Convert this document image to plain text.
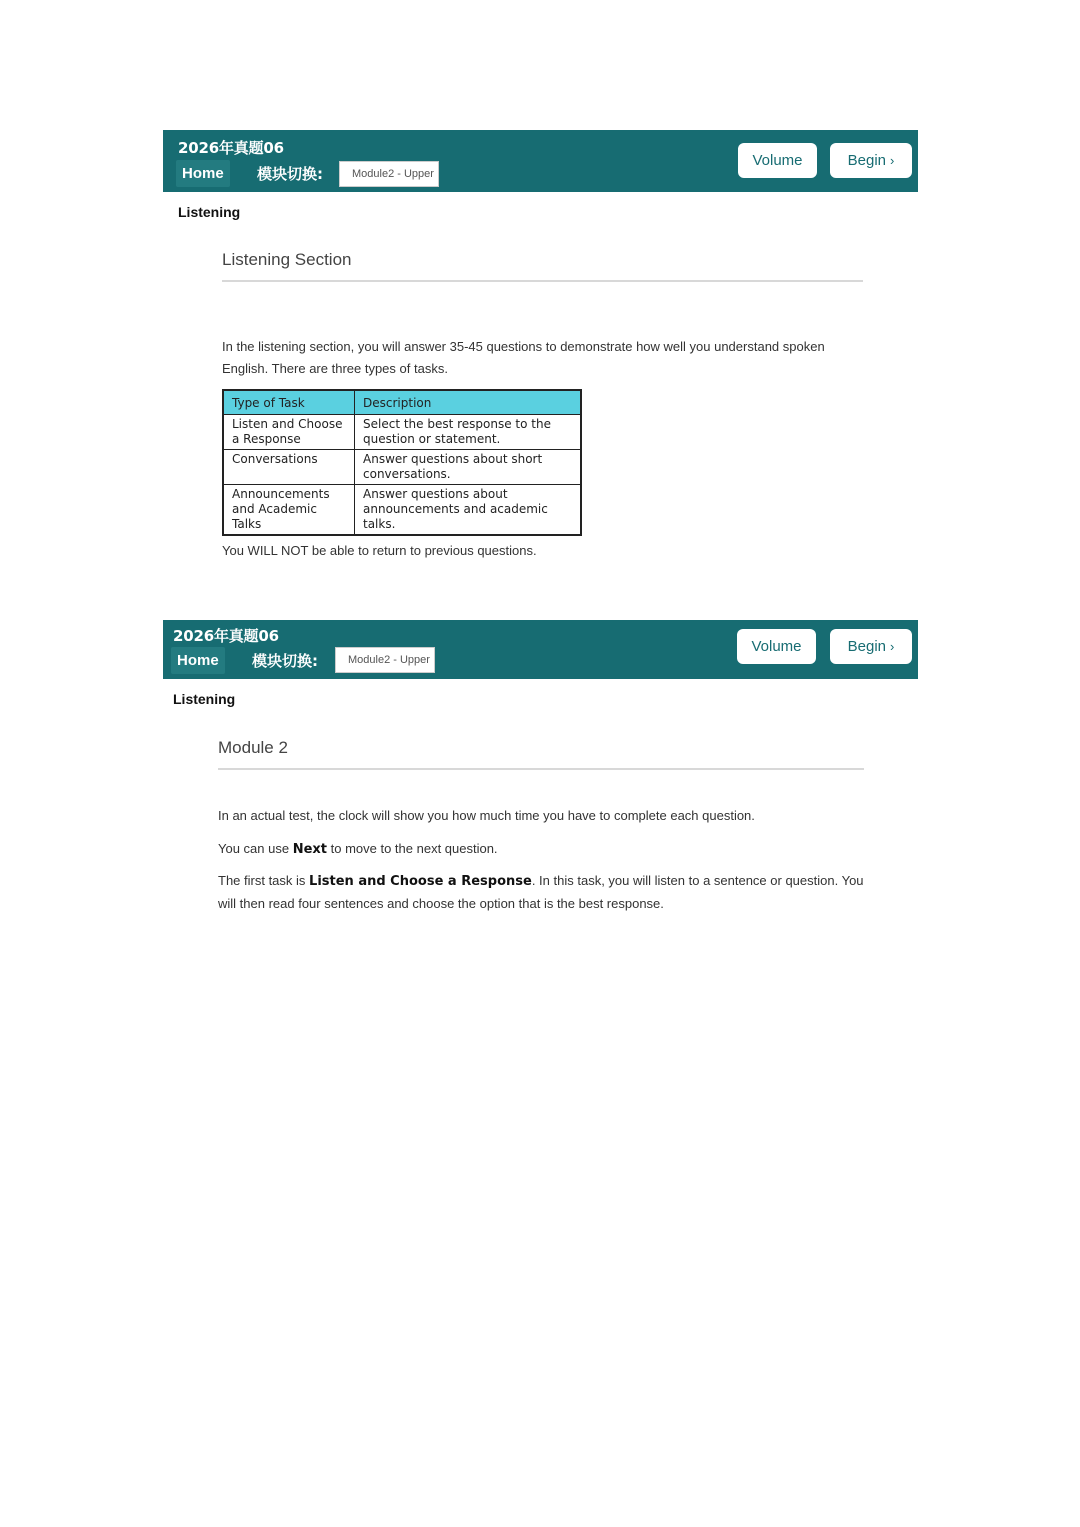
2026年真题06
Home	模块切换:	Module2 - Upper
Volume	Begin ›
Listening
Listening Section
In the listening section, you will answer 35-45 questions to demonstrate how well you understand spoken English. There are three types of tasks.
Type of Task	Description
Listen and Choose a Response	Select the best response to the question or statement.
Conversations	Answer questions about short conversations.
Announcements and Academic Talks	Answer questions about announcements and academic talks.
You WILL NOT be able to return to previous questions.
2026年真题06
Home	模块切换:	Module2 - Upper
Volume	Begin ›
Listening
Module 2
In an actual test, the clock will show you how much time you have to complete each question.
You can use Next to move to the next question.
The first task is Listen and Choose a Response. In this task, you will listen to a sentence or question. You will then read four sentences and choose the option that is the best response.
